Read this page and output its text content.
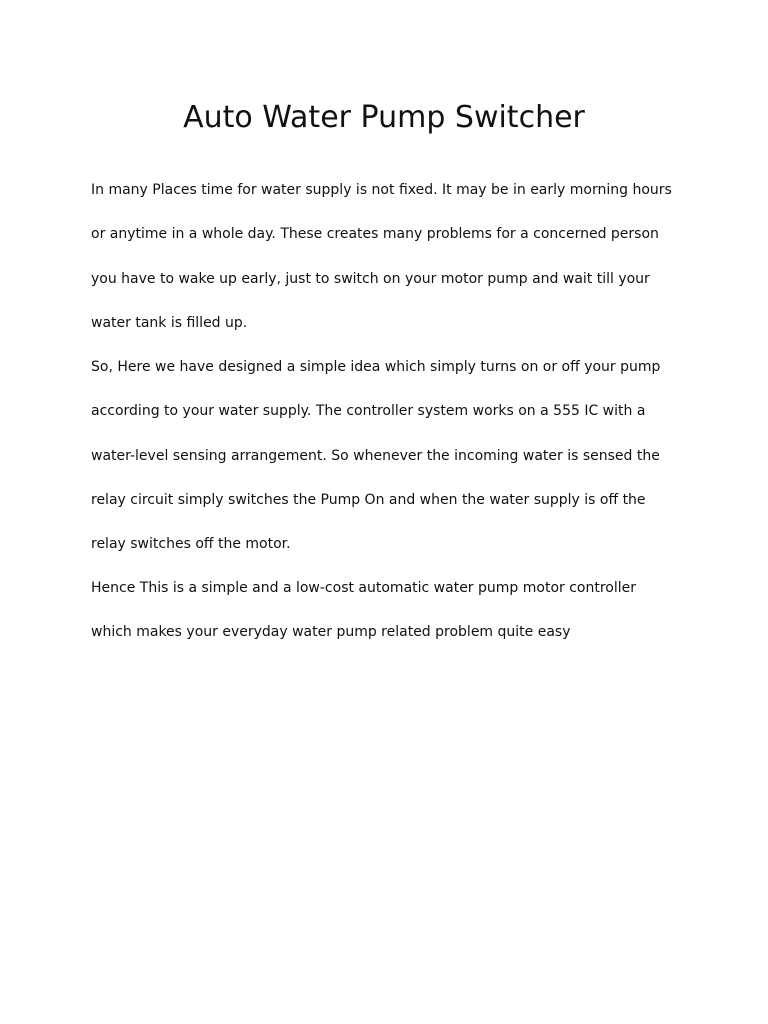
Auto Water Pump Switcher
In many Places time for water supply is not fixed. It may be in early morning hours
or anytime in a whole day. These creates many problems for a concerned person
you have to wake up early, just to switch on your motor pump and wait till your
water tank is filled up.
So, Here we have designed a simple idea which simply turns on or off your pump
according to your water supply. The controller system works on a 555 IC with a
water-level sensing arrangement. So whenever the incoming water is sensed the
relay circuit simply switches the Pump On and when the water supply is off the
relay switches off the motor.
Hence This is a simple and a low-cost automatic water pump motor controller
which makes your everyday water pump related problem quite easy
